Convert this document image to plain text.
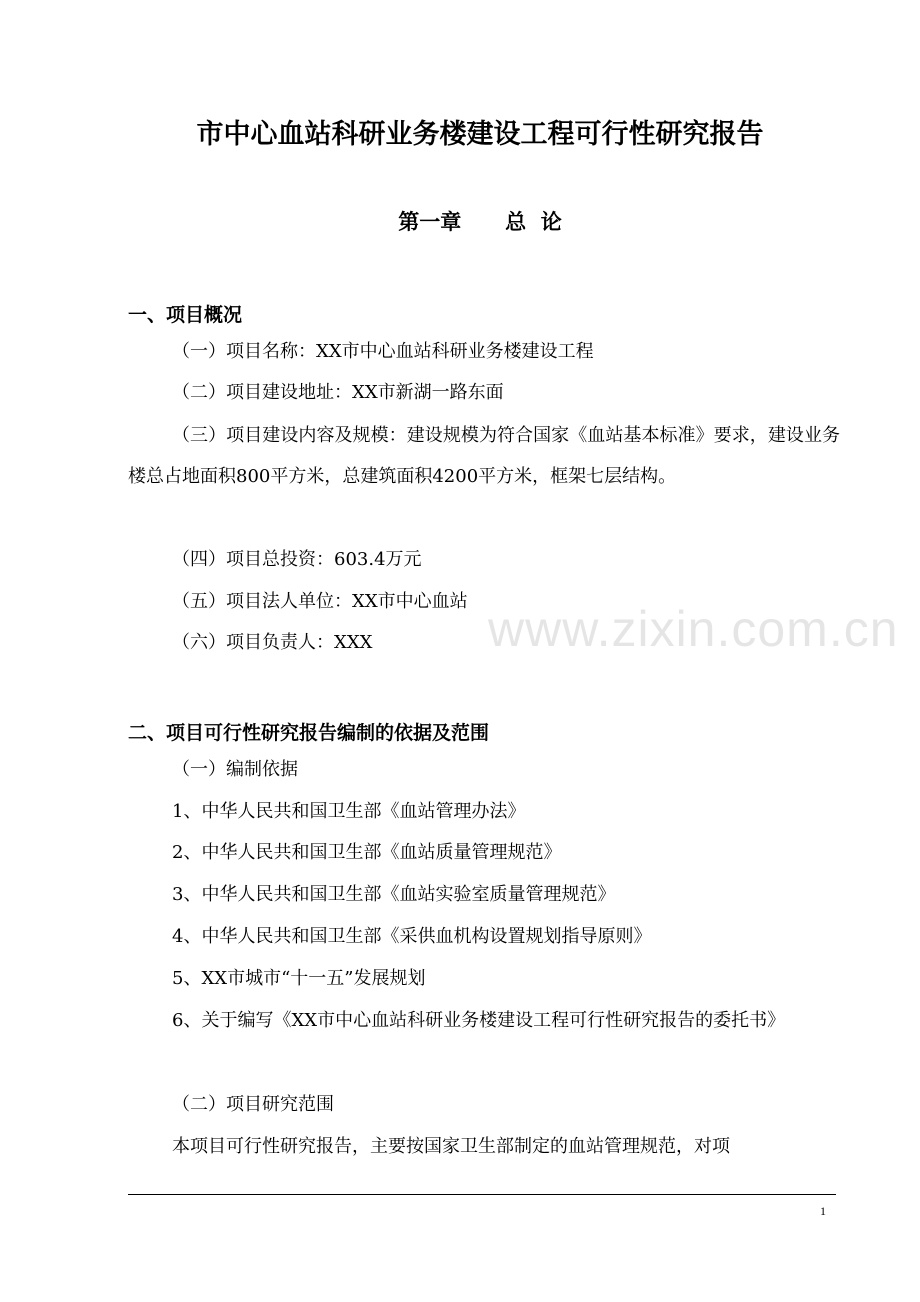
市中心血站科研业务楼建设工程可行性研究报告
第一章      总  论
一、项目概况

（一）项目名称：XX市中心血站科研业务楼建设工程

（二）项目建设地址：XX市新湖一路东面

（三）项目建设内容及规模：建设规模为符合国家《血站基本标准》要求，建设业务楼总占地面积800平方米，总建筑面积4200平方米，框架七层结构。

（四）项目总投资：603.4万元

（五）项目法人单位：XX市中心血站

（六）项目负责人：XXX	www.zixin.com.cn
二、项目可行性研究报告编制的依据及范围

（一）编制依据

1、中华人民共和国卫生部《血站管理办法》

2、中华人民共和国卫生部《血站质量管理规范》

3、中华人民共和国卫生部《血站实验室质量管理规范》

4、中华人民共和国卫生部《采供血机构设置规划指导原则》

5、XX市城市“十一五”发展规划

6、关于编写《XX市中心血站科研业务楼建设工程可行性研究报告的委托书》

（二）项目研究范围

本项目可行性研究报告，主要按国家卫生部制定的血站管理规范，对项

1
